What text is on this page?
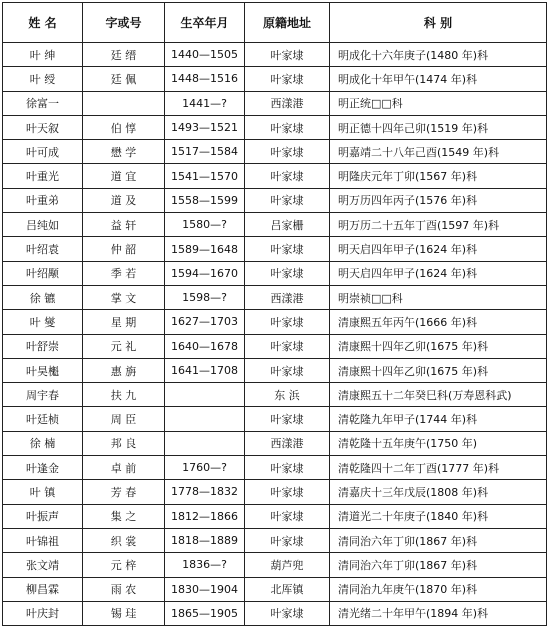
姓 名	字或号	生卒年月	原籍地址	科 别
叶 绅	廷 缙	1440—1505	叶家埭	明成化十六年庚子(1480 年)科
叶 绶	廷 佩	1448—1516	叶家埭	明成化十年甲午(1474 年)科
徐富一		1441—?	西漾港	明正统□□科
叶天叙	伯 惇	1493—1521	叶家埭	明正德十四年己卯(1519 年)科
叶可成	懋 学	1517—1584	叶家埭	明嘉靖二十八年己酉(1549 年)科
叶重光	道 宜	1541—1570	叶家埭	明隆庆元年丁卯(1567 年)科
叶重弟	道 及	1558—1599	叶家埭	明万历四年丙子(1576 年)科
吕纯如	益 轩	1580—?	吕家栅	明万历二十五年丁酉(1597 年)科
叶绍袁	仲 韶	1589—1648	叶家埭	明天启四年甲子(1624 年)科
叶绍颙	季 若	1594—1670	叶家埭	明天启四年甲子(1624 年)科
徐 镳	掌 文	1598—?	西漾港	明崇祯□□科
叶 燮	星 期	1627—1703	叶家埭	清康熙五年丙午(1666 年)科
叶舒崇	元 礼	1640—1678	叶家埭	清康熙十四年乙卯(1675 年)科
叶昊櫆	惠 旃	1641—1708	叶家埭	清康熙十四年乙卯(1675 年)科
周宇春	扶 九		东 浜	清康熙五十二年癸巳科(万寿恩科武)
叶廷桢	周 臣		叶家埭	清乾隆九年甲子(1744 年)科
徐 楠	邦 良		西漾港	清乾隆十五年庚午(1750 年)
叶逢金	卓 前	1760—?	叶家埭	清乾隆四十二年丁酉(1777 年)科
叶 镇	芳 春	1778—1832	叶家埭	清嘉庆十三年戊辰(1808 年)科
叶振声	集 之	1812—1866	叶家埭	清道光二十年庚子(1840 年)科
叶锦祖	织 裳	1818—1889	叶家埭	清同治六年丁卯(1867 年)科
张文靖	元 梓	1836—?	葫芦兜	清同治六年丁卯(1867 年)科
柳昌霖	雨 农	1830—1904	北厍镇	清同治九年庚午(1870 年)科
叶庆封	锡 珪	1865—1905	叶家埭	清光绪二十年甲午(1894 年)科
